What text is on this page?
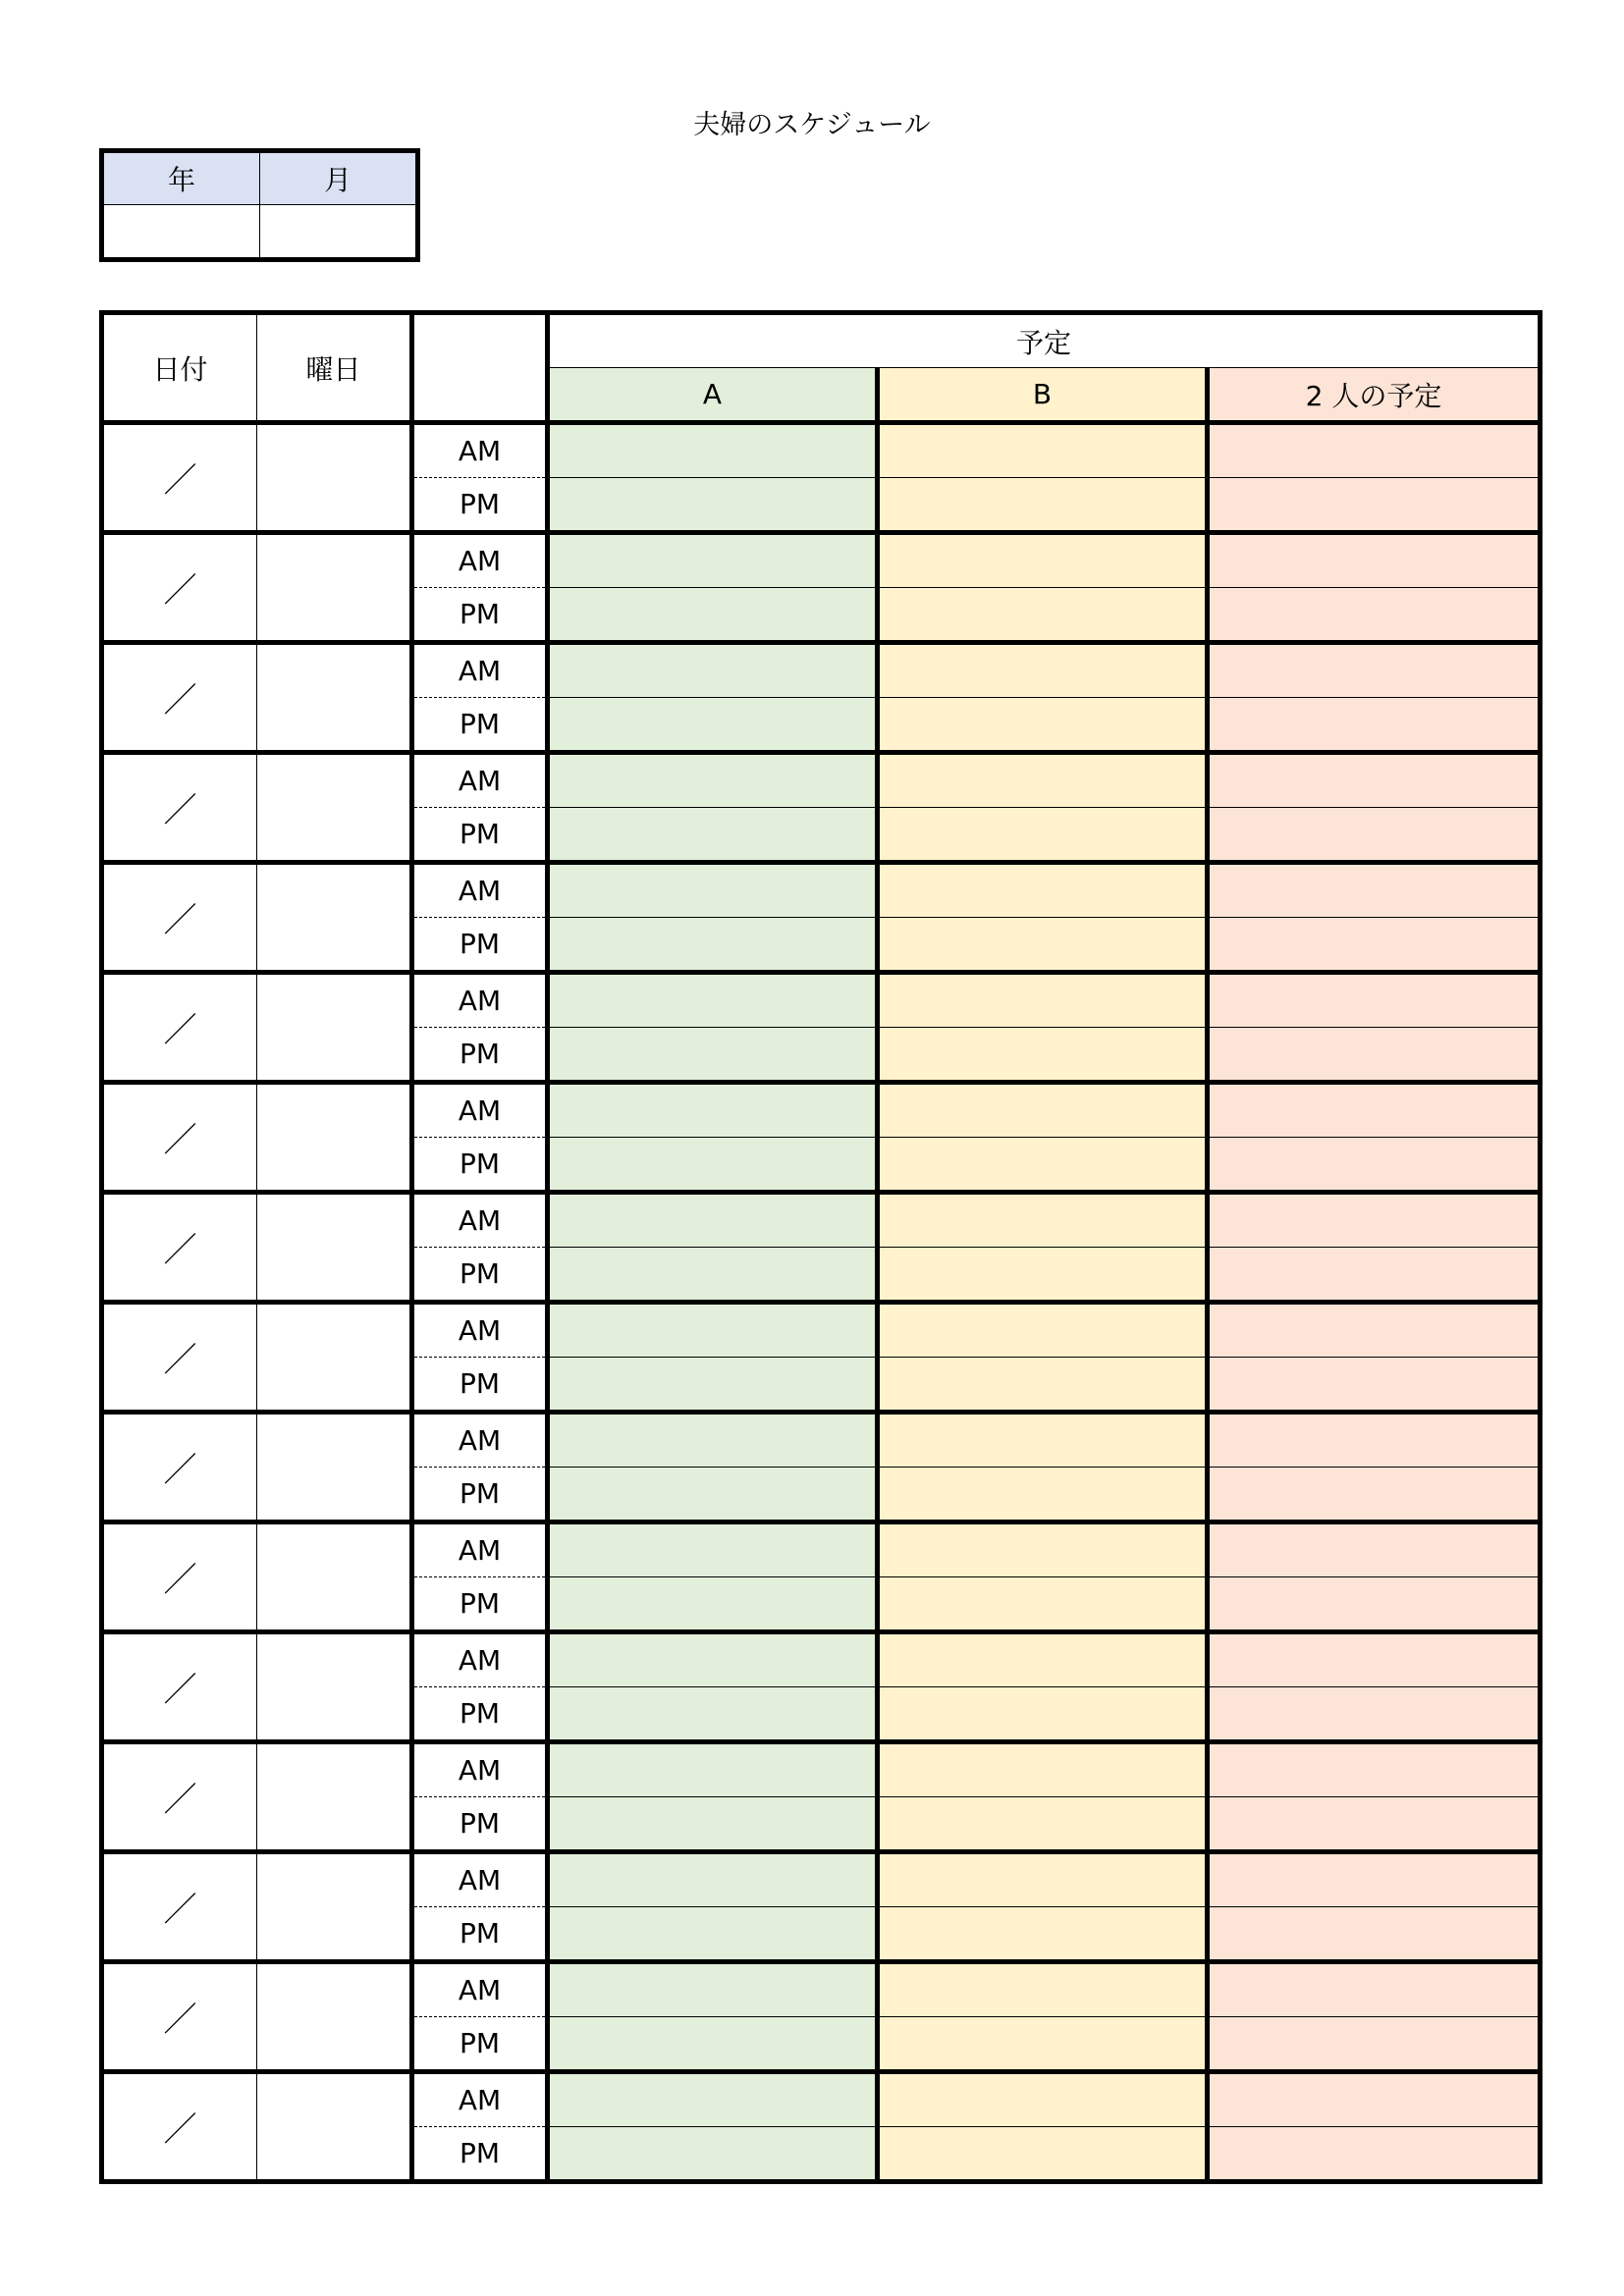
夫婦のスケジュール
年	月

日付	曜日		予定		
			A	B	2 人の予定
／		AM			
		PM			
／		AM			
		PM			
／		AM			
		PM			
／		AM			
		PM			
／		AM			
		PM			
／		AM			
		PM			
／		AM			
		PM			
／		AM			
		PM			
／		AM			
		PM			
／		AM			
		PM			
／		AM			
		PM			
／		AM			
		PM			
／		AM			
		PM			
／		AM			
		PM			
／		AM			
		PM			
／		AM			
		PM			
